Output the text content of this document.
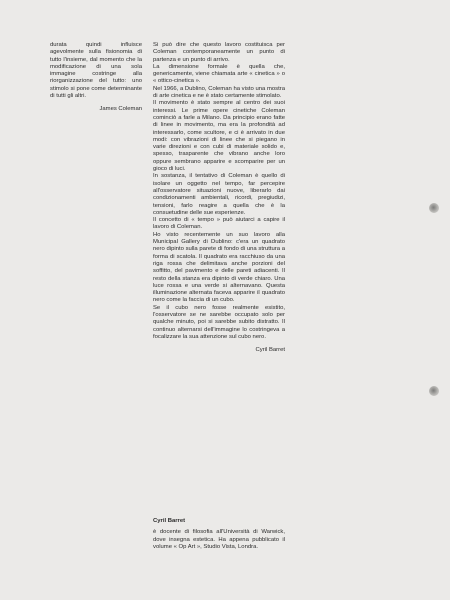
durata quindi influisce agevolmente sulla fisionomia di tutto l'insieme, dal momento che la modificazione di una sola immagine costringe alla riorganizzazione del tutto: uno stimolo si pone come determinante di tutti gli altri.

James Coleman

Si può dire che questo lavoro costituisca per Coleman contemporaneamente un punto di partenza e un punto di arrivo.

La dimensione formale è quella che, genericamente, viene chiamata arte « cinetica » o « ottico-cinetica ».

Nel 1966, a Dublino, Coleman ha visto una mostra di arte cinetica e ne è stato certamente stimolato.

Il movimento è stato sempre al centro dei suoi interessi. Le prime opere cinetiche Coleman cominciò a farle a Milano. Da principio erano fatte di linee in movimento, ma era la profondità ad interessarlo, come scultore, e ci è arrivato in due modi: con vibrazioni di linee che si piegano in varie direzioni e con cubi di materiale solido e, spesso, trasparente che vibrano anche loro oppure sembrano apparire e scomparire per un gioco di luci.

In sostanza, il tentativo di Coleman è quello di isolare un oggetto nel tempo, far percepire all'osservatore situazioni nuove, liberarlo dai condizionamenti ambientali, ricordi, pregiudizi, tensioni, farlo reagire a quella che è la consuetudine delle sue esperienze.

Il concetto di « tempo » può aiutarci a capire il lavoro di Coleman.

Ho visto recentemente un suo lavoro alla Municipal Gallery di Dublino: c'era un quadrato nero dipinto sulla parete di fondo di una struttura a forma di scatola. Il quadrato era racchiuso da una riga rossa che delimitava anche porzioni del soffitto, del pavimento e delle pareti adiacenti. Il resto della stanza era dipinto di verde chiaro. Una luce rossa e una verde si alternavano. Questa illuminazione alternata faceva apparire il quadrato nero come la faccia di un cubo.

Se il cubo nero fosse realmente esistito, l'osservatore se ne sarebbe occupato solo per qualche minuto, poi si sarebbe subito distratto. Il continuo alternarsi dell'immagine lo costringeva a focalizzare la sua attenzione sul cubo nero.

Cyril Barret
Cyril Barret

è docente di filosofia all'Università di Warwick, dove insegna estetica. Ha appena pubblicato il volume « Op Art », Studio Vista, Londra.
